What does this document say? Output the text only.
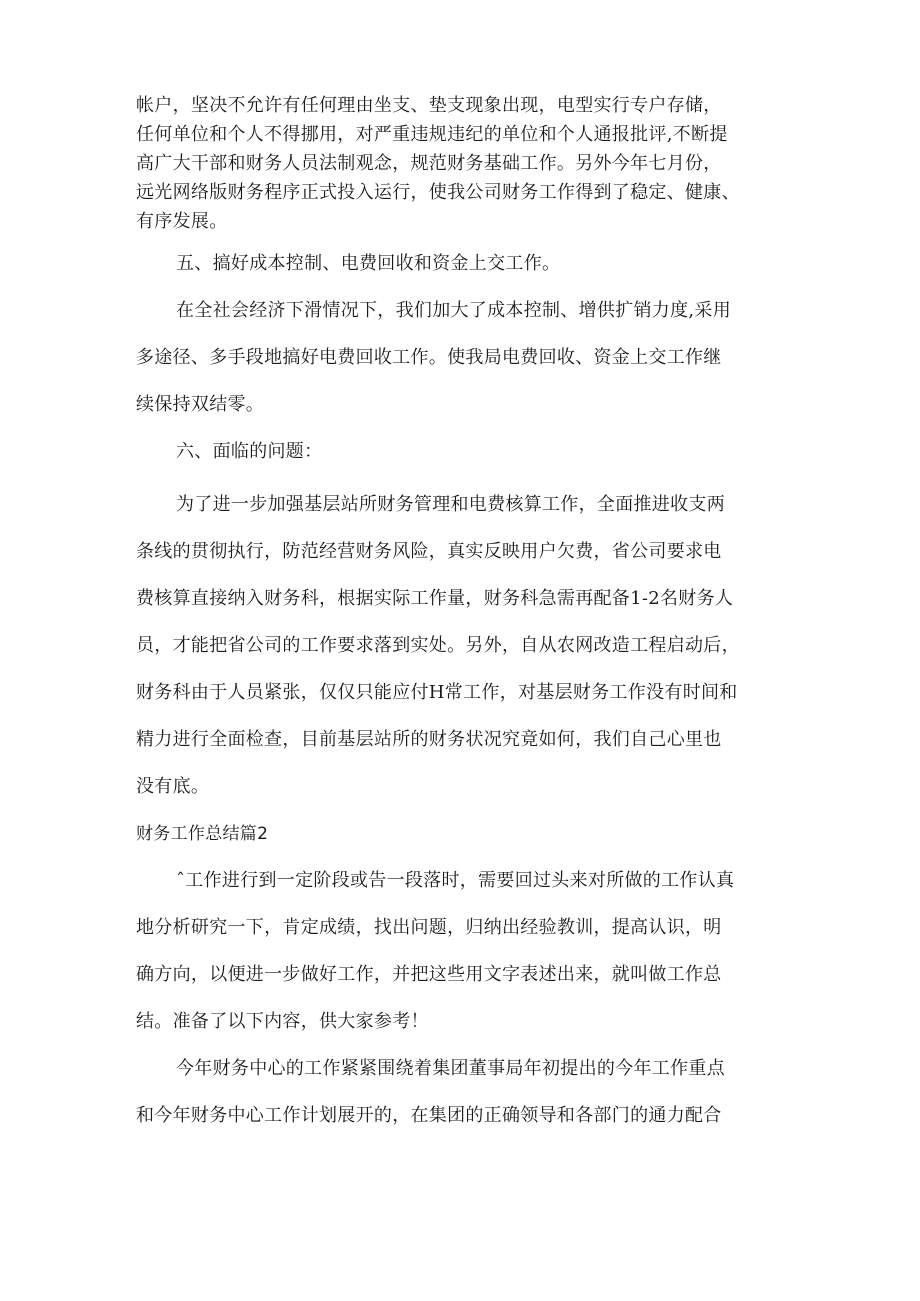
帐户，坚决不允许有任何理由坐支、垫支现象出现，电型实行专户存储，
任何单位和个人不得挪用，对严重违规违纪的单位和个人通报批评,不断提
高广大干部和财务人员法制观念，规范财务基础工作。另外今年七月份，
远光网络版财务程序正式投入运行，使我公司财务工作得到了稳定、健康、
有序发展。
五、搞好成本控制、电费回收和资金上交工作。
在全社会经济下滑情况下，我们加大了成本控制、增供扩销力度,采用
多途径、多手段地搞好电费回收工作。使我局电费回收、资金上交工作继
续保持双结零。
六、面临的问题：
为了进一步加强基层站所财务管理和电费核算工作，全面推进收支两
条线的贯彻执行，防范经营财务风险，真实反映用户欠费，省公司要求电
费核算直接纳入财务科，根据实际工作量，财务科急需再配备1-2名财务人
员，才能把省公司的工作要求落到实处。另外，自从农网改造工程启动后，
财务科由于人员紧张，仅仅只能应付H常工作，对基层财务工作没有时间和
精力进行全面检查，目前基层站所的财务状况究竟如何，我们自己心里也
没有底。
财务工作总结篇2
ˆ工作进行到一定阶段或告一段落时，需要回过头来对所做的工作认真
地分析研究一下，肯定成绩，找出问题，归纳出经验教训，提高认识，明
确方向，以便进一步做好工作，并把这些用文字表述出来，就叫做工作总
结。准备了以下内容，供大家参考！
今年财务中心的工作紧紧围绕着集团董事局年初提出的今年工作重点
和今年财务中心工作计划展开的，在集团的正确领导和各部门的通力配合
